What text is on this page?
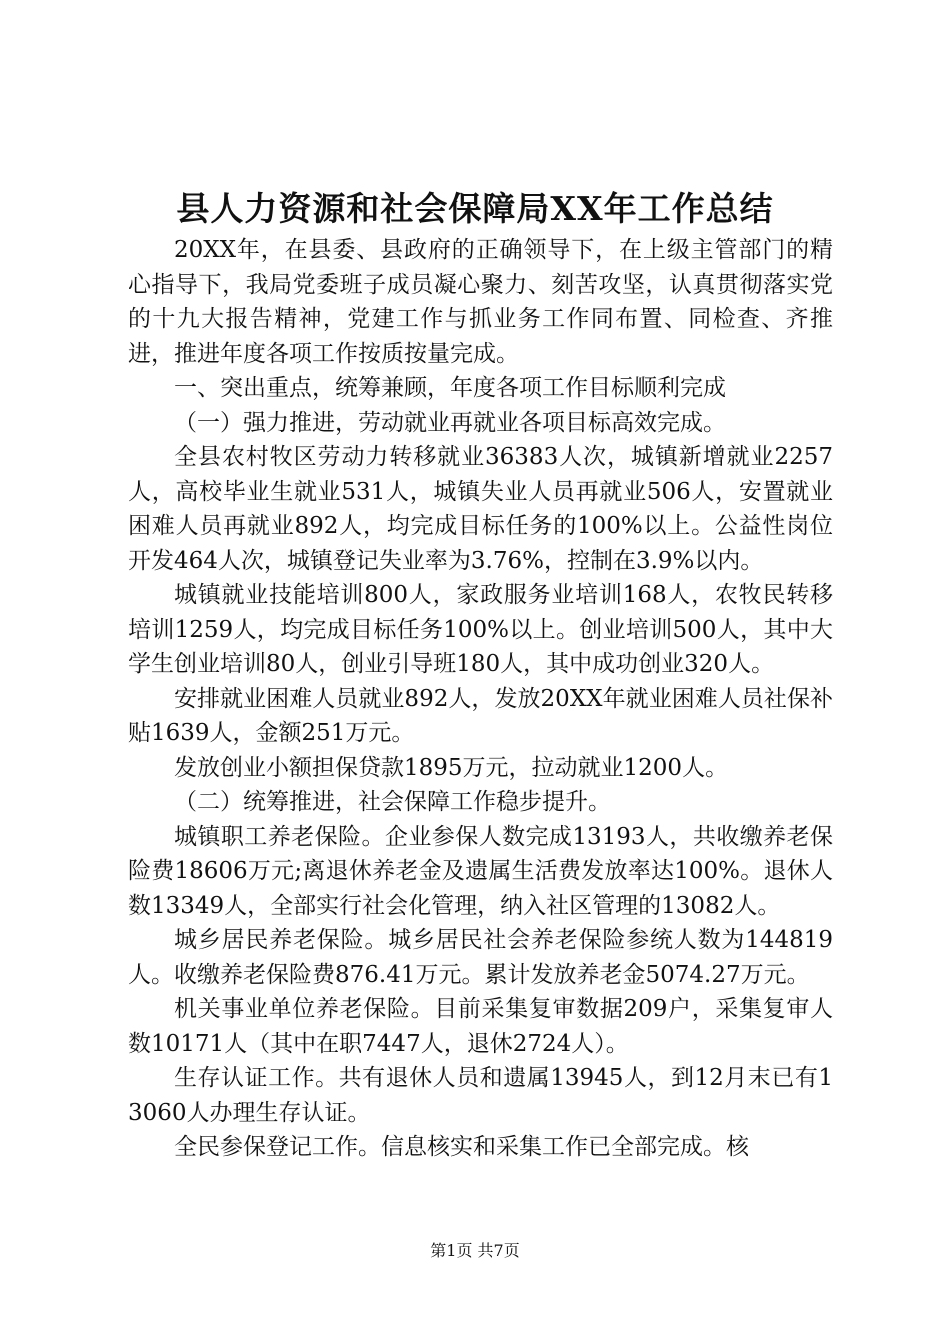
县人力资源和社会保障局XX年工作总结

20XX年，在县委、县政府的正确领导下，在上级主管部门的精心指导下，我局党委班子成员凝心聚力、刻苦攻坚，认真贯彻落实党的十九大报告精神，党建工作与抓业务工作同布置、同检查、齐推进，推进年度各项工作按质按量完成。

一、突出重点，统筹兼顾，年度各项工作目标顺利完成

（一）强力推进，劳动就业再就业各项目标高效完成。

全县农村牧区劳动力转移就业36383人次，城镇新增就业2257人，高校毕业生就业531人，城镇失业人员再就业506人，安置就业困难人员再就业892人，均完成目标任务的100%以上。公益性岗位开发464人次，城镇登记失业率为3.76%，控制在3.9%以内。

城镇就业技能培训800人，家政服务业培训168人，农牧民转移培训1259人，均完成目标任务100%以上。创业培训500人，其中大学生创业培训80人，创业引导班180人，其中成功创业320人。

安排就业困难人员就业892人，发放20XX年就业困难人员社保补贴1639人，金额251万元。

发放创业小额担保贷款1895万元，拉动就业1200人。

（二）统筹推进，社会保障工作稳步提升。

城镇职工养老保险。企业参保人数完成13193人，共收缴养老保险费18606万元;离退休养老金及遗属生活费发放率达100%。退休人数13349人，全部实行社会化管理，纳入社区管理的13082人。

城乡居民养老保险。城乡居民社会养老保险参统人数为144819人。收缴养老保险费876.41万元。累计发放养老金5074.27万元。

机关事业单位养老保险。目前采集复审数据209户，采集复审人数10171人（其中在职7447人，退休2724人）。

生存认证工作。共有退休人员和遗属13945人，到12月末已有13060人办理生存认证。

全民参保登记工作。信息核实和采集工作已全部完成。核

第1页 共7页
